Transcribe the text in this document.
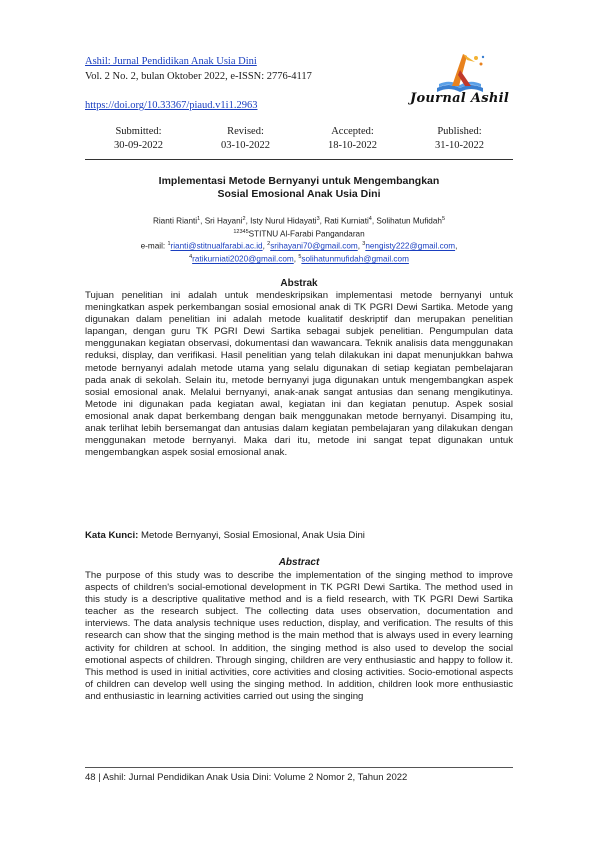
Ashil: Jurnal Pendidikan Anak Usia Dini
Vol. 2 No. 2, bulan Oktober 2022, e-ISSN: 2776-4117
https://doi.org/10.33367/piaud.v1i1.2963	Journal Ashil
Submitted:
30-09-2022
Revised:
03-10-2022
Accepted:
18-10-2022
Published:
31-10-2022
Implementasi Metode Bernyanyi untuk Mengembangkan
Sosial Emosional Anak Usia Dini
Rianti Rianti$^1$, Sri Hayani$^2$, Isty Nurul Hidayati$^3$, Rati Kurniati$^4$, Solihatun Mufidah$^5$
$^{12345}$STITNU Al-Farabi Pangandaran
e-mail: $^1$rianti@stitnualfarabi.ac.id, $^2$srihayani70@gmail.com, $^3$nengisty222@gmail.com,
$^4$ratikurniati2020@gmail.com, $^5$solihatunmufidah@gmail.com
Abstrak
Tujuan penelitian ini adalah untuk mendeskripsikan implementasi metode bernyanyi untuk meningkatkan aspek perkembangan sosial emosional anak di TK PGRI Dewi Sartika. Metode yang digunakan dalam penelitian ini adalah metode kualitatif deskriptif dan merupakan penelitian lapangan, dengan guru TK PGRI Dewi Sartika sebagai subjek penelitian. Pengumpulan data menggunakan kegiatan observasi, dokumentasi dan wawancara. Teknik analisis data menggunakan reduksi, display, dan verifikasi. Hasil penelitian yang telah dilakukan ini dapat menunjukkan bahwa metode bernyanyi adalah metode utama yang selalu digunakan di setiap kegiatan pembelajaran pada anak di sekolah. Selain itu, metode bernyanyi juga digunakan untuk mengembangkan aspek sosial emosional anak. Melalui bernyanyi, anak-anak sangat antusias dan senang mengikutinya. Metode ini digunakan pada kegiatan awal, kegiatan ini dan kegiatan penutup. Aspek sosial emosional anak dapat berkembang dengan baik menggunakan metode bernyanyi. Disamping itu, anak terlihat lebih bersemangat dan antusias dalam kegiatan pembelajaran yang dilakukan dengan menggunakan metode bernyanyi. Maka dari itu, metode ini sangat tepat digunakan untuk mengembangkan aspek sosial emosional anak.
Kata Kunci: Metode Bernyanyi, Sosial Emosional, Anak Usia Dini
Abstract
The purpose of this study was to describe the implementation of the singing method to improve aspects of children's social-emotional development in TK PGRI Dewi Sartika. The method used in this study is a descriptive qualitative method and is a field research, with TK PGRI Dewi Sartika teacher as the research subject. The collecting data uses observation, documentation and interviews. The data analysis technique uses reduction, display, and verification. The results of this research can show that the singing method is the main method that is always used in every learning activity for children at school. In addition, the singing method is also used to develop the social emotional aspects of children. Through singing, children are very enthusiastic and happy to follow it. This method is used in initial activities, core activities and closing activities. Socio-emotional aspects of children can develop well using the singing method. In addition, children look more enthusiastic and enthusiastic in learning activities carried out using the singing
48 | Ashil: Jurnal Pendidikan Anak Usia Dini: Volume 2 Nomor 2, Tahun 2022
